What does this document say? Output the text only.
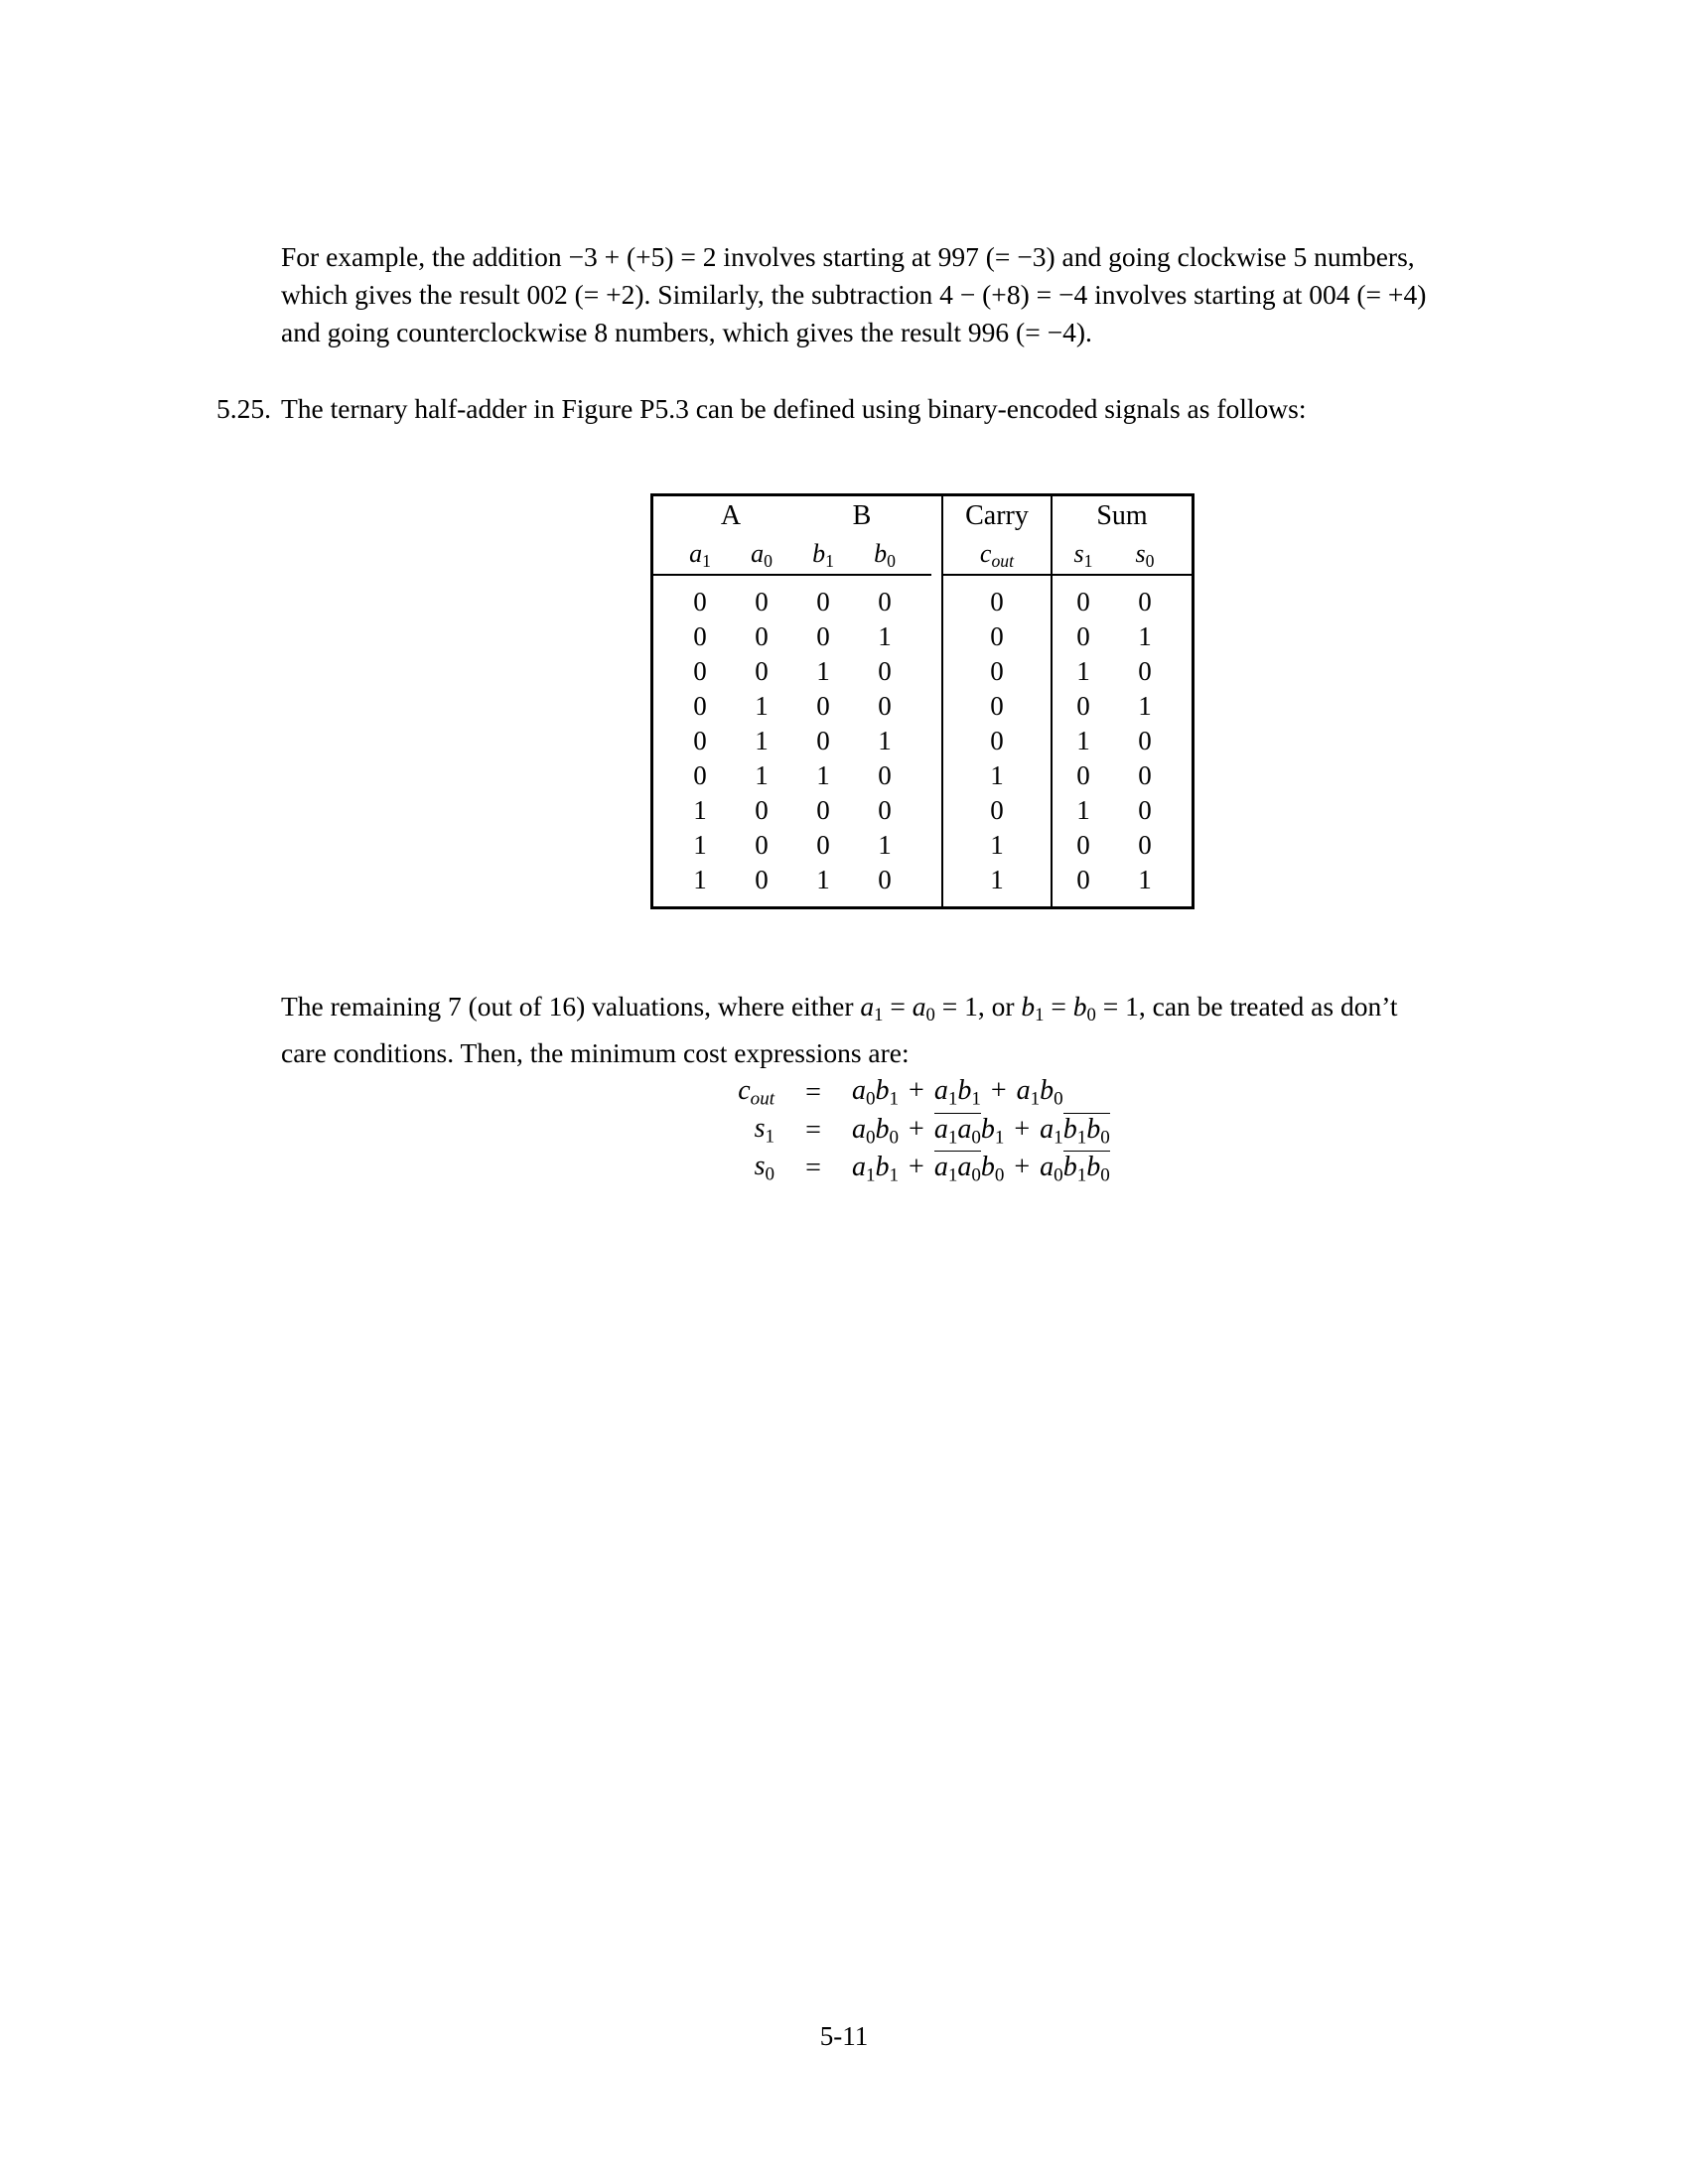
For example, the addition −3 + (+5) = 2 involves starting at 997 (= −3) and going clockwise 5 numbers,
which gives the result 002 (= +2). Similarly, the subtraction 4 − (+8) = −4 involves starting at 004 (= +4)
and going counterclockwise 8 numbers, which gives the result 996 (= −4).
5.25. The ternary half-adder in Figure P5.3 can be defined using binary-encoded signals as follows:
A		B			Carry	Sum	
$a_1$	$a_0$	$b_1$	$b_0$		$c_{out}$	$s_1$	$s_0$

0	0	0	0		0	0	0
0	0	0	1		0	0	1
0	0	1	0		0	1	0
0	1	0	0		0	0	1
0	1	0	1		0	1	0
0	1	1	0		1	0	0
1	0	0	0		0	1	0
1	0	0	1		1	0	0
1	0	1	0		1	0	1
The remaining 7 (out of 16) valuations, where either $a_1 = a_0 = 1$, or $b_1 = b_0 = 1$, can be treated as don’t
care conditions. Then, the minimum cost expressions are:
$c_{out}$	=	$a_0b_1 + a_1b_1 + a_1b_0$
$s_1$	=	$a_0b_0 + a_1a_0b_1 + a_1b_1b_0$
$s_0$	=	$a_1b_1 + a_1a_0b_0 + a_0b_1b_0$
5-11
